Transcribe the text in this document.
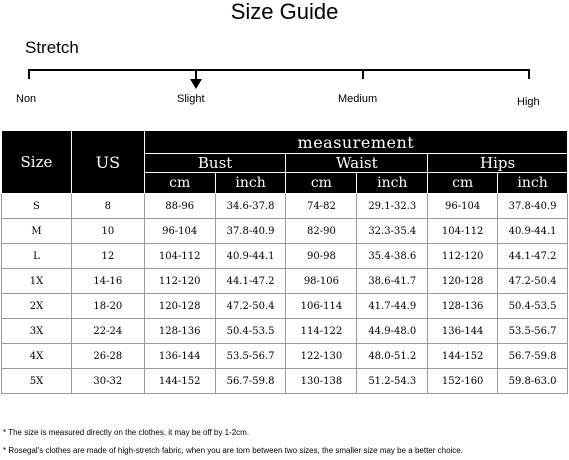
Size Guide
Stretch
Non	Slight	Medium	High
Size	US	measurement					
		Bust		Waist		Hips	
		cm	inch	cm	inch	cm	inch
S	8	88-96	34.6-37.8	74-82	29.1-32.3	96-104	37.8-40.9
M	10	96-104	37.8-40.9	82-90	32.3-35.4	104-112	40.9-44.1
L	12	104-112	40.9-44.1	90-98	35.4-38.6	112-120	44.1-47.2
1X	14-16	112-120	44.1-47.2	98-106	38.6-41.7	120-128	47.2-50.4
2X	18-20	120-128	47.2-50.4	106-114	41.7-44.9	128-136	50.4-53.5
3X	22-24	128-136	50.4-53.5	114-122	44.9-48.0	136-144	53.5-56.7
4X	26-28	136-144	53.5-56.7	122-130	48.0-51.2	144-152	56.7-59.8
5X	30-32	144-152	56.7-59.8	130-138	51.2-54.3	152-160	59.8-63.0
* The size is measured directly on the clothes, it may be off by 1-2cm.
* Rosegal's clothes are made of high-stretch fabric, when you are torn between two sizes, the smaller size may be a better choice.
